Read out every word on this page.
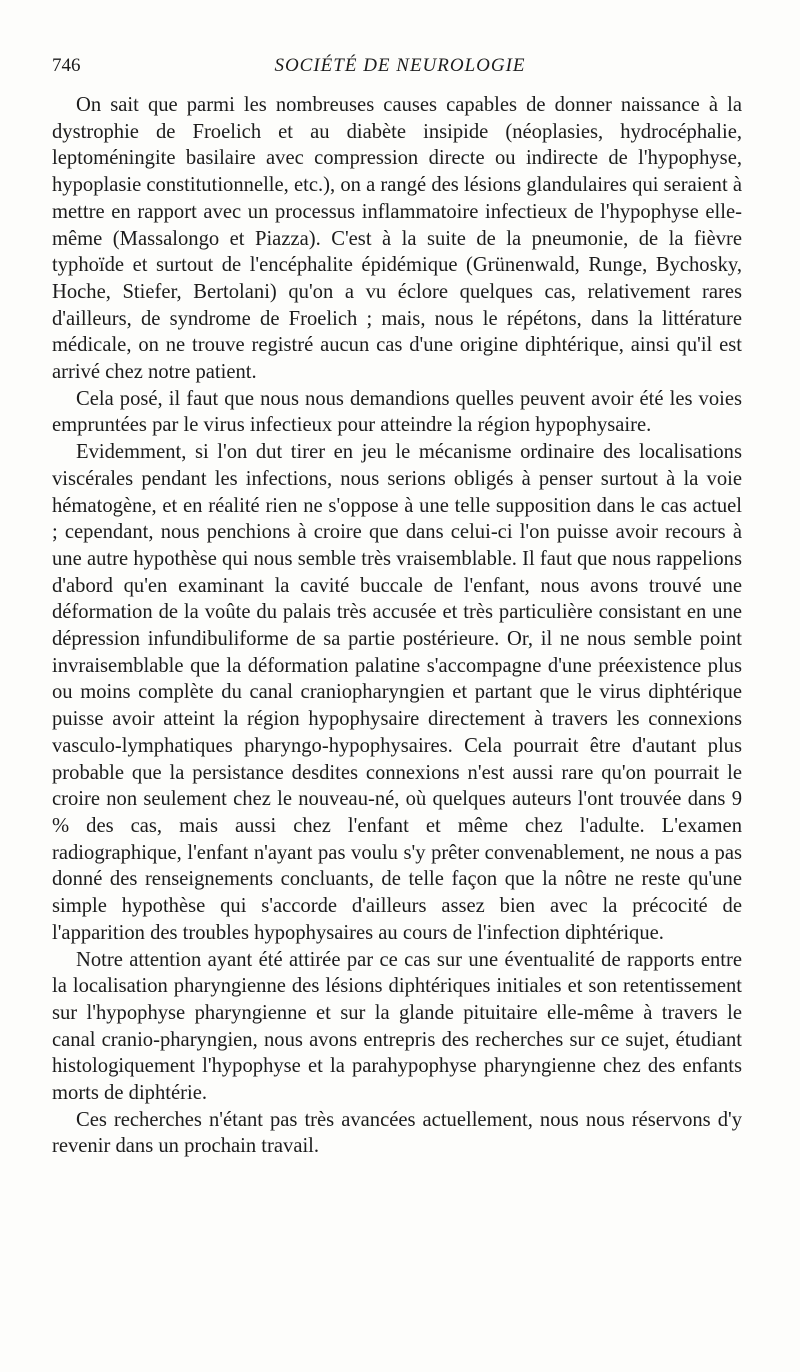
746	SOCIÉTÉ DE NEUROLOGIE

On sait que parmi les nombreuses causes capables de donner naissance à la dystrophie de Froelich et au diabète insipide (néoplasies, hydrocéphalie, leptoméningite basilaire avec compression directe ou indirecte de l'hypophyse, hypoplasie constitutionnelle, etc.), on a rangé des lésions glandulaires qui seraient à mettre en rapport avec un processus inflammatoire infectieux de l'hypophyse elle-même (Massalongo et Piazza). C'est à la suite de la pneumonie, de la fièvre typhoïde et surtout de l'encéphalite épidémique (Grünenwald, Runge, Bychosky, Hoche, Stiefer, Bertolani) qu'on a vu éclore quelques cas, relativement rares d'ailleurs, de syndrome de Froelich ; mais, nous le répétons, dans la littérature médicale, on ne trouve registré aucun cas d'une origine diphtérique, ainsi qu'il est arrivé chez notre patient.

Cela posé, il faut que nous nous demandions quelles peuvent avoir été les voies empruntées par le virus infectieux pour atteindre la région hypophysaire.

Evidemment, si l'on dut tirer en jeu le mécanisme ordinaire des localisations viscérales pendant les infections, nous serions obligés à penser surtout à la voie hématogène, et en réalité rien ne s'oppose à une telle supposition dans le cas actuel ; cependant, nous penchions à croire que dans celui-ci l'on puisse avoir recours à une autre hypothèse qui nous semble très vraisemblable. Il faut que nous rappelions d'abord qu'en examinant la cavité buccale de l'enfant, nous avons trouvé une déformation de la voûte du palais très accusée et très particulière consistant en une dépression infundibuliforme de sa partie postérieure. Or, il ne nous semble point invraisemblable que la déformation palatine s'accompagne d'une préexistence plus ou moins complète du canal craniopharyngien et partant que le virus diphtérique puisse avoir atteint la région hypophysaire directement à travers les connexions vasculo-lymphatiques pharyngo-hypophysaires. Cela pourrait être d'autant plus probable que la persistance desdites connexions n'est aussi rare qu'on pourrait le croire non seulement chez le nouveau-né, où quelques auteurs l'ont trouvée dans 9 % des cas, mais aussi chez l'enfant et même chez l'adulte. L'examen radiographique, l'enfant n'ayant pas voulu s'y prêter convenablement, ne nous a pas donné des renseignements concluants, de telle façon que la nôtre ne reste qu'une simple hypothèse qui s'accorde d'ailleurs assez bien avec la précocité de l'apparition des troubles hypophysaires au cours de l'infection diphtérique.

Notre attention ayant été attirée par ce cas sur une éventualité de rapports entre la localisation pharyngienne des lésions diphtériques initiales et son retentissement sur l'hypophyse pharyngienne et sur la glande pituitaire elle-même à travers le canal cranio-pharyngien, nous avons entrepris des recherches sur ce sujet, étudiant histologiquement l'hypophyse et la parahypophyse pharyngienne chez des enfants morts de diphtérie.

Ces recherches n'étant pas très avancées actuellement, nous nous réservons d'y revenir dans un prochain travail.
